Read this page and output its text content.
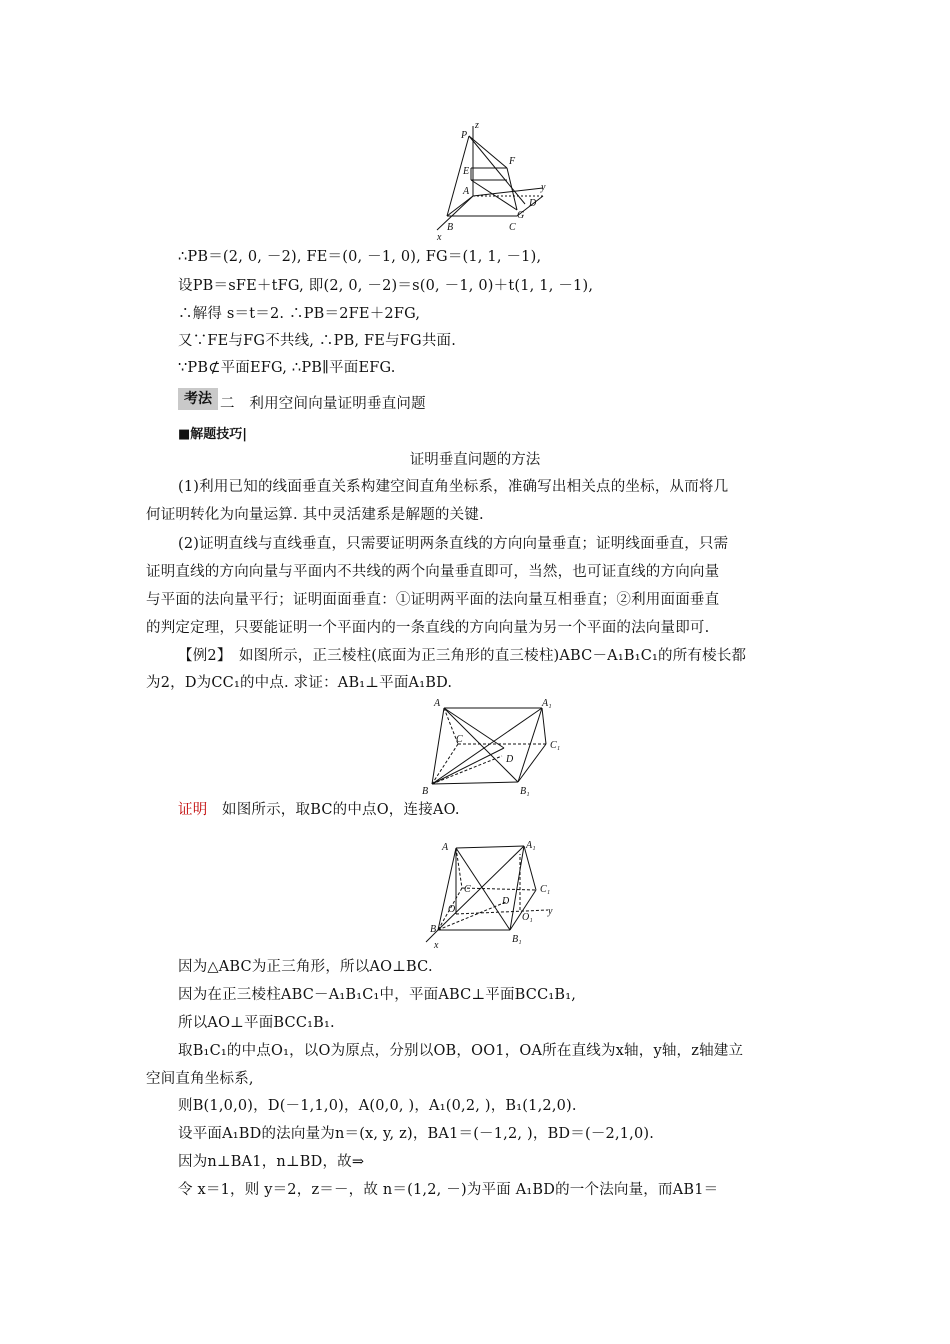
P
z
F
E
A	y
G
D
B	C
x
∴PB＝(2, 0, －2), FE＝(0, －1, 0), FG＝(1, 1, －1),
设PB＝sFE＋tFG, 即(2, 0, －2)＝s(0, －1, 0)＋t(1, 1, －1),
∴解得 s＝t＝2. ∴PB＝2FE＋2FG,
又∵FE与FG不共线, ∴PB, FE与FG共面.
∵PB⊄平面EFG, ∴PB∥平面EFG.
考法 二　利用空间向量证明垂直问题
■解题技巧|
证明垂直问题的方法
(1)利用已知的线面垂直关系构建空间直角坐标系，准确写出相关点的坐标，从而将几
何证明转化为向量运算. 其中灵活建系是解题的关键.
(2)证明直线与直线垂直，只需要证明两条直线的方向向量垂直；证明线面垂直，只需
证明直线的方向向量与平面内不共线的两个向量垂直即可，当然，也可证直线的方向向量
与平面的法向量平行；证明面面垂直：①证明两平面的法向量互相垂直；②利用面面垂直
的判定定理，只要能证明一个平面内的一条直线的方向向量为另一个平面的法向量即可.
【例2】　如图所示，正三棱柱(底面为正三角形的直三棱柱)ABC－A₁B₁C₁的所有棱长都
为2，D为CC₁的中点. 求证：AB₁⊥平面A₁BD.
A	A₁
C
D
C₁
B	B₁
证明 如图所示，取BC的中点O，连接AO.
A	A₁
C
O
D
C₁
y
O₁
B
B₁
x
因为△ABC为正三角形，所以AO⊥BC.
因为在正三棱柱ABC－A₁B₁C₁中，平面ABC⊥平面BCC₁B₁,
所以AO⊥平面BCC₁B₁.
取B₁C₁的中点O₁，以O为原点，分别以OB，OO1，OA所在直线为x轴，y轴，z轴建立
空间直角坐标系,
则B(1,0,0)，D(－1,1,0)，A(0,0, )，A₁(0,2, )，B₁(1,2,0).
设平面A₁BD的法向量为n＝(x, y, z)，BA1＝(－1,2, )，BD＝(－2,1,0).
因为n⊥BA1，n⊥BD，故⇒
令 x＝1，则 y＝2，z＝－，故 n＝(1,2, －)为平面 A₁BD的一个法向量，而AB1＝
